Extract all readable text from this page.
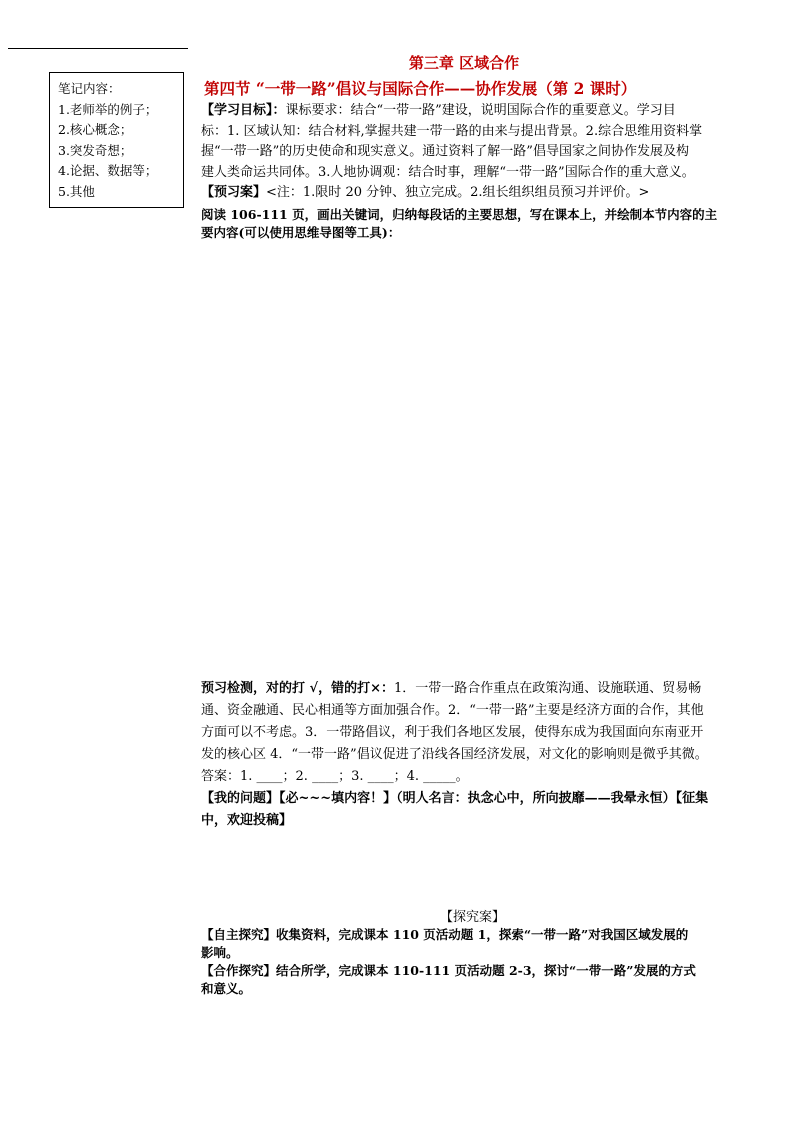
笔记内容：
1.老师举的例子；
2.核心概念；
3.突发奇想；
4.论据、数据等；
5.其他
第三章 区域合作
第四节 “一带一路”倡议与国际合作——协作发展（第 2 课时）
【学习目标】：课标要求：结合“一带一路”建设，说明国际合作的重要意义。学习目
标：1. 区域认知：结合材料,掌握共建一带一路的由来与提出背景。2.综合思维用资料掌
握“一带一路”的历史使命和现实意义。通过资料了解一路”倡导国家之间协作发展及构
建人类命运共同体。3.人地协调观：结合时事，理解“一带一路”国际合作的重大意义。
【预习案】<注：1.限时 20 分钟、独立完成。2.组长组织组员预习并评价。>
阅读 106-111 页，画出关键词，归纳每段话的主要思想，写在课本上，并绘制本节内容的主
要内容(可以使用思维导图等工具)：
预习检测，对的打 √，错的打×：1．一带一路合作重点在政策沟通、设施联通、贸易畅
通、资金融通、民心相通等方面加强合作。2．“一带一路”主要是经济方面的合作，其他
方面可以不考虑。3．一带路倡议，利于我们各地区发展，使得东成为我国面向东南亚开
发的核心区 4．“一带一路”倡议促进了沿线各国经济发展，对文化的影响则是微乎其微。
答案：1. ____；2. ____；3. ____；4. _____。
【我的问题】【必~~~填内容！】（明人名言：执念心中，所向披靡——我晕永恒）【征集
中，欢迎投稿】
【探究案】
【自主探究】收集资料，完成课本 110 页活动题 1，探索“一带一路”对我国区域发展的
影响。
【合作探究】结合所学，完成课本 110-111 页活动题 2-3，探讨“一带一路”发展的方式
和意义。
